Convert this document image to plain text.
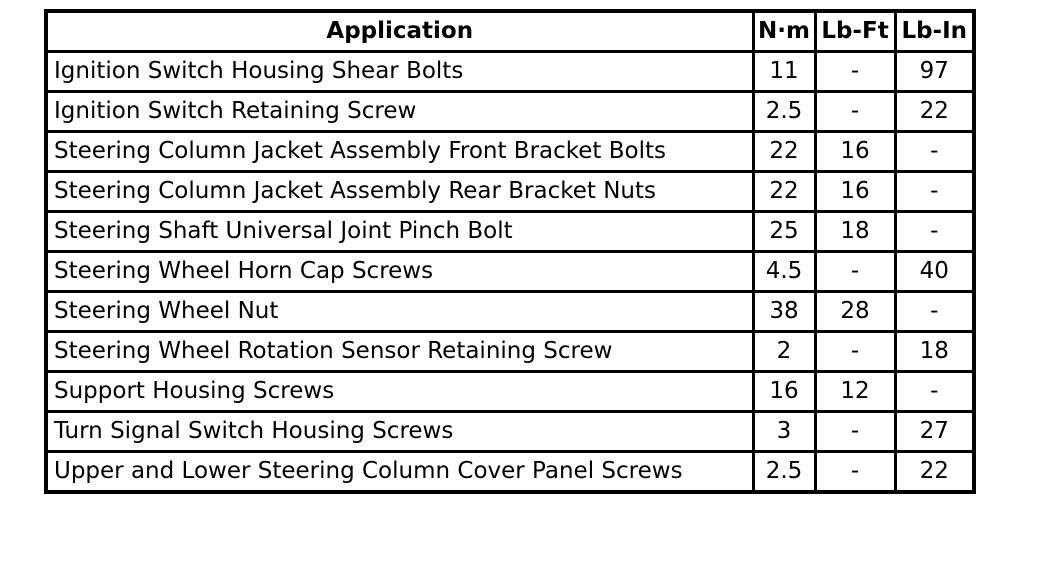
Application	N·m	Lb-Ft	Lb-In
Ignition Switch Housing Shear Bolts	11	-	97
Ignition Switch Retaining Screw	2.5	-	22
Steering Column Jacket Assembly Front Bracket Bolts	22	16	-
Steering Column Jacket Assembly Rear Bracket Nuts	22	16	-
Steering Shaft Universal Joint Pinch Bolt	25	18	-
Steering Wheel Horn Cap Screws	4.5	-	40
Steering Wheel Nut	38	28	-
Steering Wheel Rotation Sensor Retaining Screw	2	-	18
Support Housing Screws	16	12	-
Turn Signal Switch Housing Screws	3	-	27
Upper and Lower Steering Column Cover Panel Screws	2.5	-	22
